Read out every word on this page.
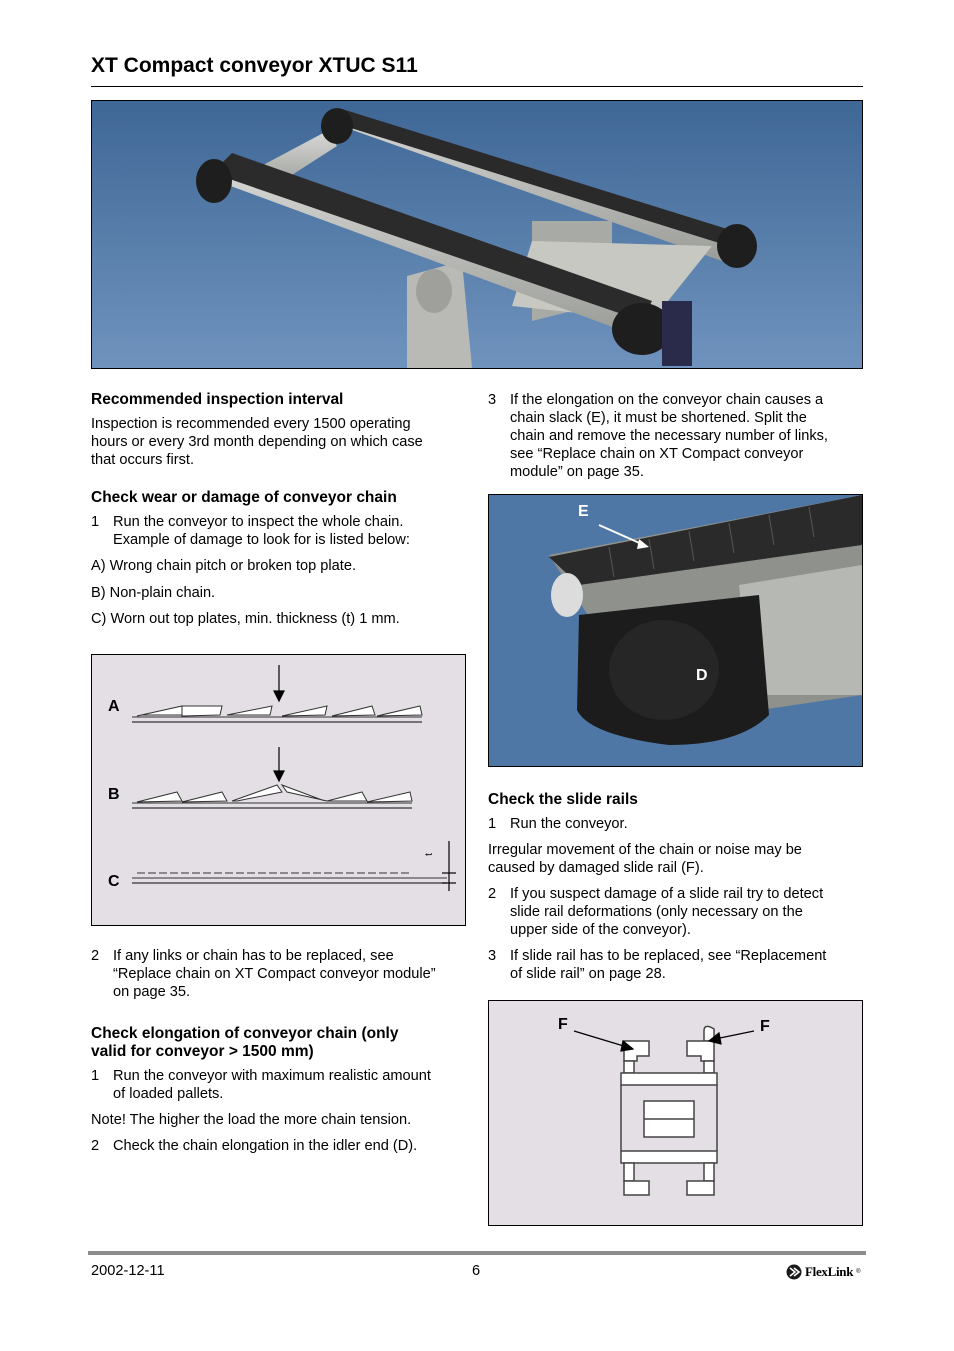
XT Compact conveyor XTUC S11
Recommended inspection interval

Inspection is recommended every 1500 operating

hours or every 3rd month depending on which case

that occurs first.

Check wear or damage of conveyor chain
1 Run the conveyor to inspect the whole chain.
Example of damage to look for is listed below:

A) Wrong chain pitch or broken top plate.

B) Non-plain chain.

C) Worn out top plates, min. thickness (t) 1 mm.

A
B
C
t
2 If any links or chain has to be replaced, see
“Replace chain on XT Compact conveyor module”
on page 35.
Check elongation of conveyor chain (only
valid for conveyor > 1500 mm)
1 Run the conveyor with maximum realistic amount
of loaded pallets.

Note! The higher the load the more chain tension.

2 Check the chain elongation in the idler end (D).
3 If the elongation on the conveyor chain causes a
chain slack (E), it must be shortened. Split the
chain and remove the necessary number of links,
see “Replace chain on XT Compact conveyor
module” on page 35.
E
D
Check the slide rails
1 Run the conveyor.

Irregular movement of the chain or noise may be
caused by damaged slide rail (F).

2 If you suspect damage of a slide rail try to detect
slide rail deformations (only necessary on the
upper side of the conveyor).
3 If slide rail has to be replaced, see “Replacement
of slide rail” on page 28.
F	F
2002-12-11	6	FlexLink ®
